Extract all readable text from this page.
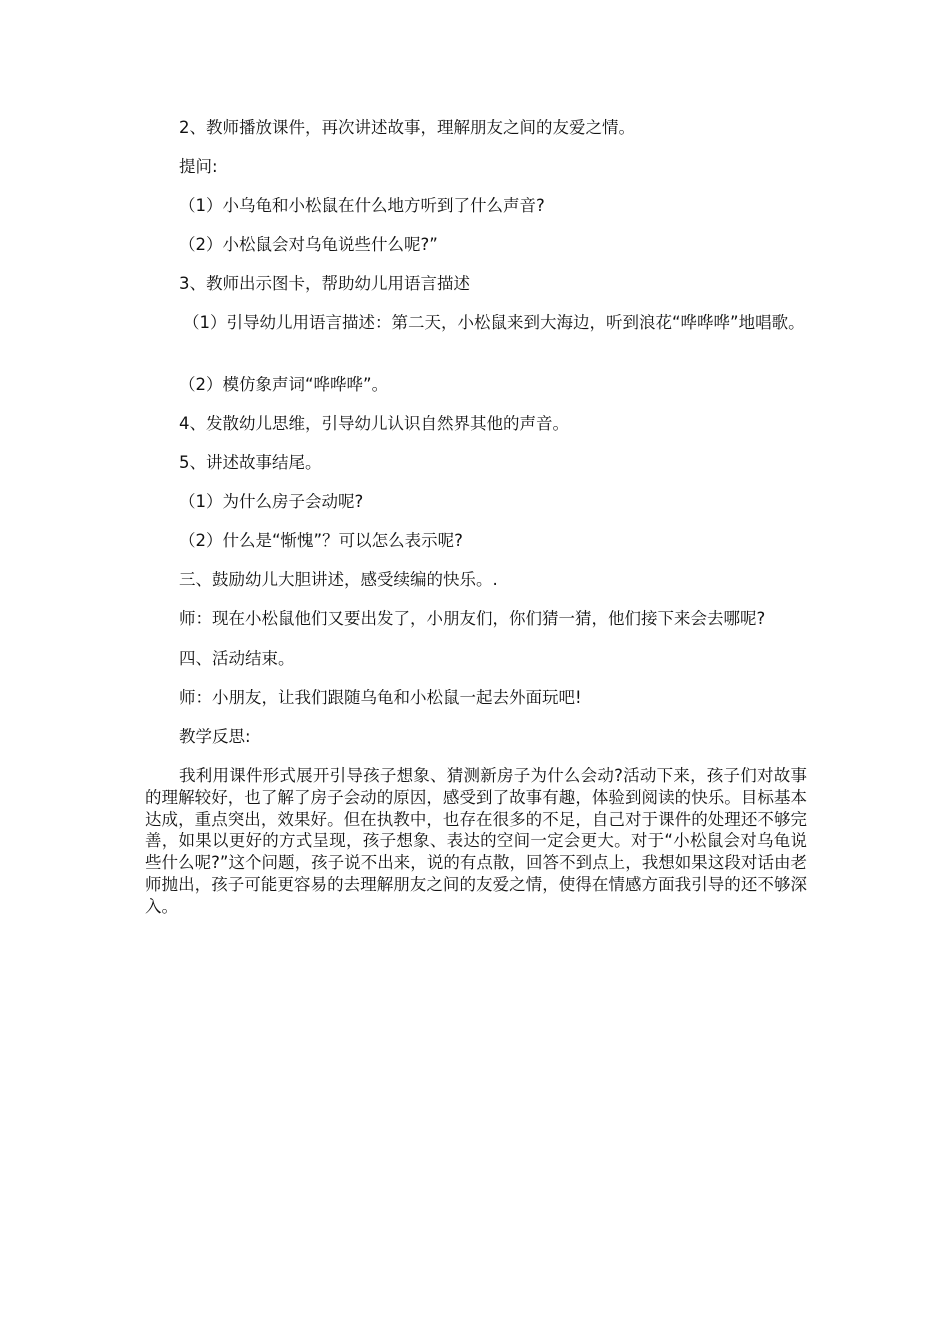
2、教师播放课件，再次讲述故事，理解朋友之间的友爱之情。
提问:
（1）小乌龟和小松鼠在什么地方听到了什么声音?
（2）小松鼠会对乌龟说些什么呢?”
3、教师出示图卡，帮助幼儿用语言描述
（1）引导幼儿用语言描述：第二天，小松鼠来到大海边，听到浪花“哗哗哗”地唱歌。
（2）模仿象声词“哗哗哗”。
4、发散幼儿思维，引导幼儿认识自然界其他的声音。
5、讲述故事结尾。
（1）为什么房子会动呢?
（2）什么是“惭愧”？可以怎么表示呢?
三、鼓励幼儿大胆讲述，感受续编的快乐。.
师：现在小松鼠他们又要出发了，小朋友们，你们猜一猜，他们接下来会去哪呢?
四、活动结束。
师：小朋友，让我们跟随乌龟和小松鼠一起去外面玩吧!
教学反思:
我利用课件形式展开引导孩子想象、猜测新房子为什么会动?活动下来，孩子们对故事的理解较好，也了解了房子会动的原因，感受到了故事有趣，体验到阅读的快乐。目标基本达成，重点突出，效果好。但在执教中，也存在很多的不足，自己对于课件的处理还不够完善，如果以更好的方式呈现，孩子想象、表达的空间一定会更大。对于“小松鼠会对乌龟说些什么呢?”这个问题，孩子说不出来，说的有点散，回答不到点上，我想如果这段对话由老师抛出，孩子可能更容易的去理解朋友之间的友爱之情，使得在情感方面我引导的还不够深入。
